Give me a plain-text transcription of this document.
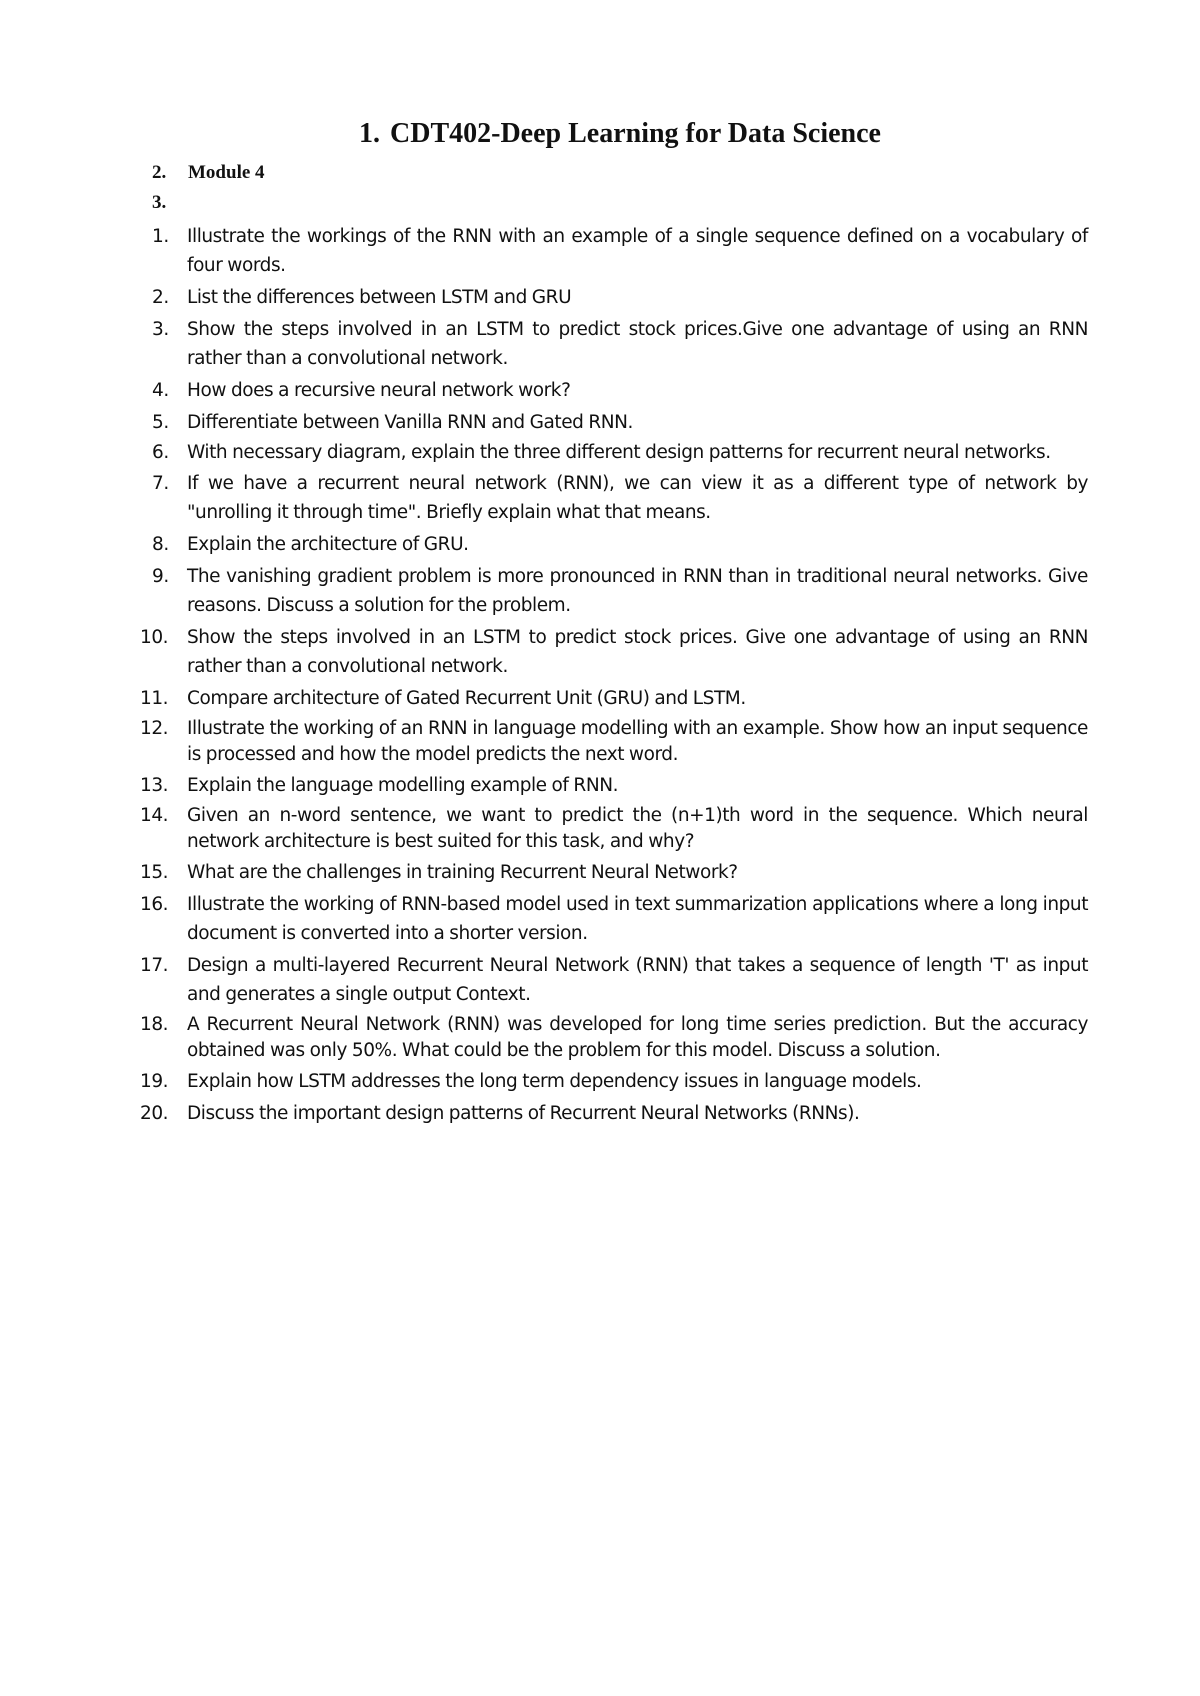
1. CDT402-Deep Learning for Data Science
2. Module 4
3.
1. Illustrate the workings of the RNN with an example of a single sequence defined on a vocabulary of four words.
2. List the differences between LSTM and GRU
3. Show the steps involved in an LSTM to predict stock prices.Give one advantage of using an RNN rather than a convolutional network.
4. How does a recursive neural network work?
5. Differentiate between Vanilla RNN and Gated RNN.
6. With necessary diagram, explain the three different design patterns for recurrent neural networks.
7. If we have a recurrent neural network (RNN), we can view it as a different type of network by "unrolling it through time". Briefly explain what that means.
8. Explain the architecture of GRU.
9. The vanishing gradient problem is more pronounced in RNN than in traditional neural networks. Give reasons. Discuss a solution for the problem.
10. Show the steps involved in an LSTM to predict stock prices. Give one advantage of using an RNN rather than a convolutional network.
11. Compare architecture of Gated Recurrent Unit (GRU) and LSTM.
12. Illustrate the working of an RNN in language modelling with an example. Show how an input sequence is processed and how the model predicts the next word.
13. Explain the language modelling example of RNN.
14. Given an n-word sentence, we want to predict the (n+1)th word in the sequence. Which neural network architecture is best suited for this task, and why?
15. What are the challenges in training Recurrent Neural Network?
16. Illustrate the working of RNN-based model used in text summarization applications where a long input document is converted into a shorter version.
17. Design a multi-layered Recurrent Neural Network (RNN) that takes a sequence of length 'T' as input and generates a single output Context.
18. A Recurrent Neural Network (RNN) was developed for long time series prediction. But the accuracy obtained was only 50%. What could be the problem for this model. Discuss a solution.
19. Explain how LSTM addresses the long term dependency issues in language models.
20. Discuss the important design patterns of Recurrent Neural Networks (RNNs).
